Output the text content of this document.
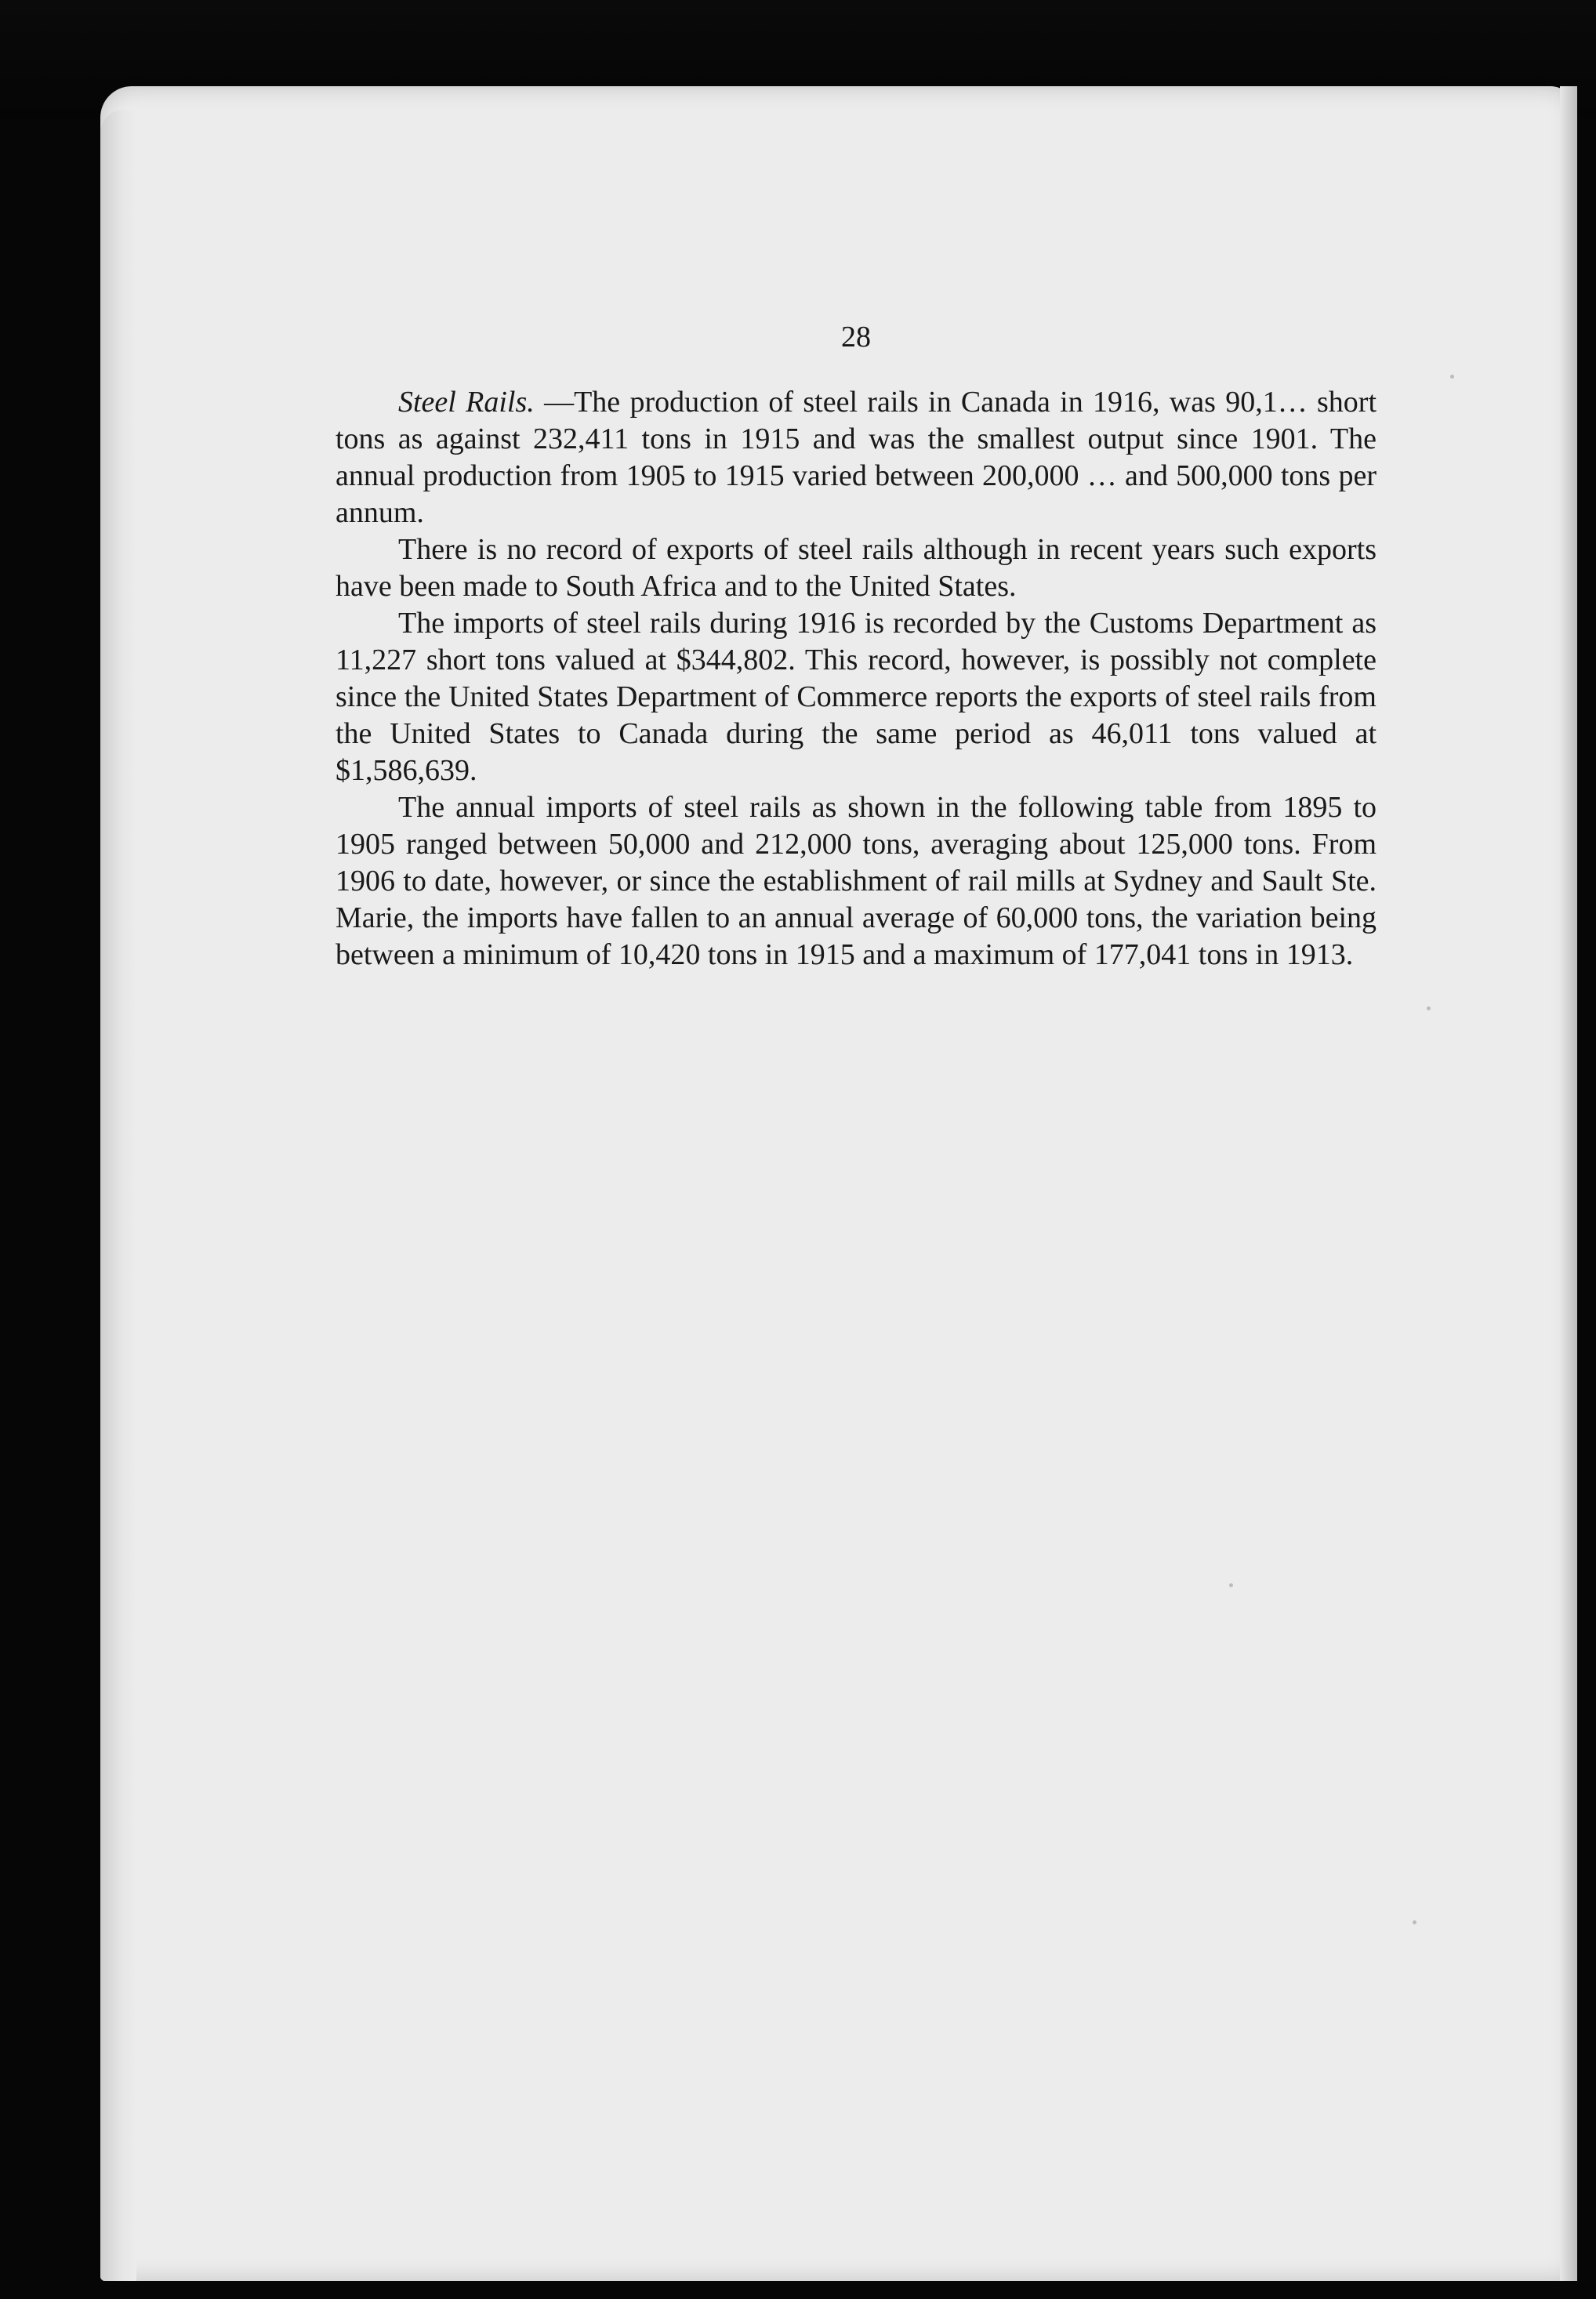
28

Steel Rails. —The production of steel rails in Canada in 1916, was 90,1… short tons as against 232,411 tons in 1915 and was the smallest output since 1901. The annual production from 1905 to 1915 varied between 200,000 … and 500,000 tons per annum.

There is no record of exports of steel rails although in recent years such exports have been made to South Africa and to the United States.

The imports of steel rails during 1916 is recorded by the Customs Department as 11,227 short tons valued at $344,802. This record, however, is possibly not complete since the United States Department of Commerce reports the exports of steel rails from the United States to Canada during the same period as 46,011 tons valued at $1,586,639.

The annual imports of steel rails as shown in the following table from 1895 to 1905 ranged between 50,000 and 212,000 tons, averaging about 125,000 tons. From 1906 to date, however, or since the establishment of rail mills at Sydney and Sault Ste. Marie, the imports have fallen to an annual average of 60,000 tons, the variation being between a minimum of 10,420 tons in 1915 and a maximum of 177,041 tons in 1913.
